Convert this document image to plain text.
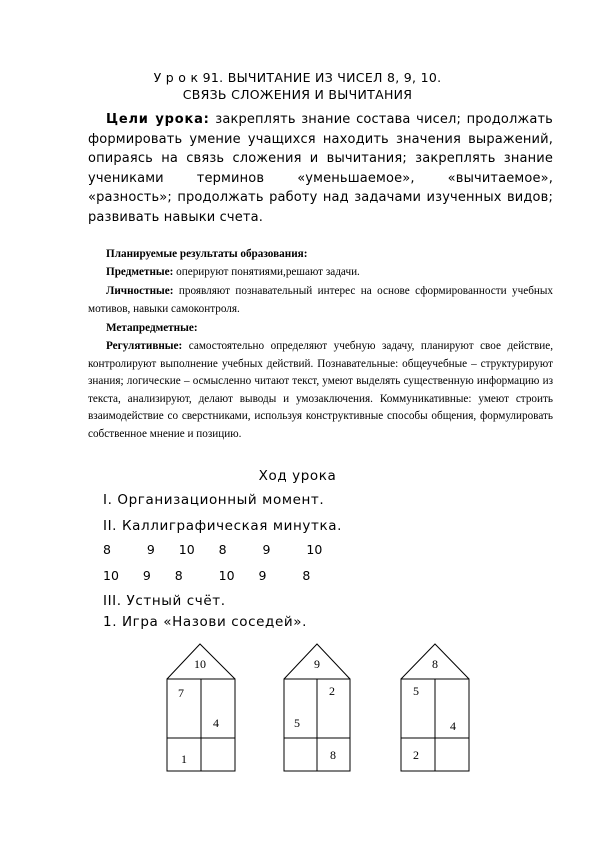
У р о к 91. ВЫЧИТАНИЕ ИЗ ЧИСЕЛ 8, 9, 10.
СВЯЗЬ СЛОЖЕНИЯ И ВЫЧИТАНИЯ
Цели урока: закреплять знание состава чисел; продолжать формировать умение учащихся находить значения выражений, опираясь на связь сложения и вычитания; закреплять знание учениками терминов «уменьшаемое», «вычитаемое», «разность»; продолжать работу над задачами изученных видов; развивать навыки счета.
Планируемые результаты образования:
Предметные: оперируют понятиями,решают задачи.
Личностные: проявляют познавательный интерес на основе сформированности учебных мотивов, навыки самоконтроля.
Метапредметные:
Регулятивные: самостоятельно определяют учебную задачу, планируют свое действие, контролируют выполнение учебных действий. Познавательные: общеучебные – структурируют знания; логические – осмысленно читают текст, умеют выделять существенную информацию из текста, анализируют, делают выводы и умозаключения. Коммуникативные: умеют строить взаимодействие со сверстниками, используя конструктивные способы общения, формулировать собственное мнение и позицию.
Ход урока
I. Организационный момент.
II. Каллиграфическая минутка.
8   9  10  8   9   10
10  9  8   10  9   8
III. Устный счёт.
1. Игра «Назови соседей».
10
7
4
1
9
2
5
8
8
5
4
2
